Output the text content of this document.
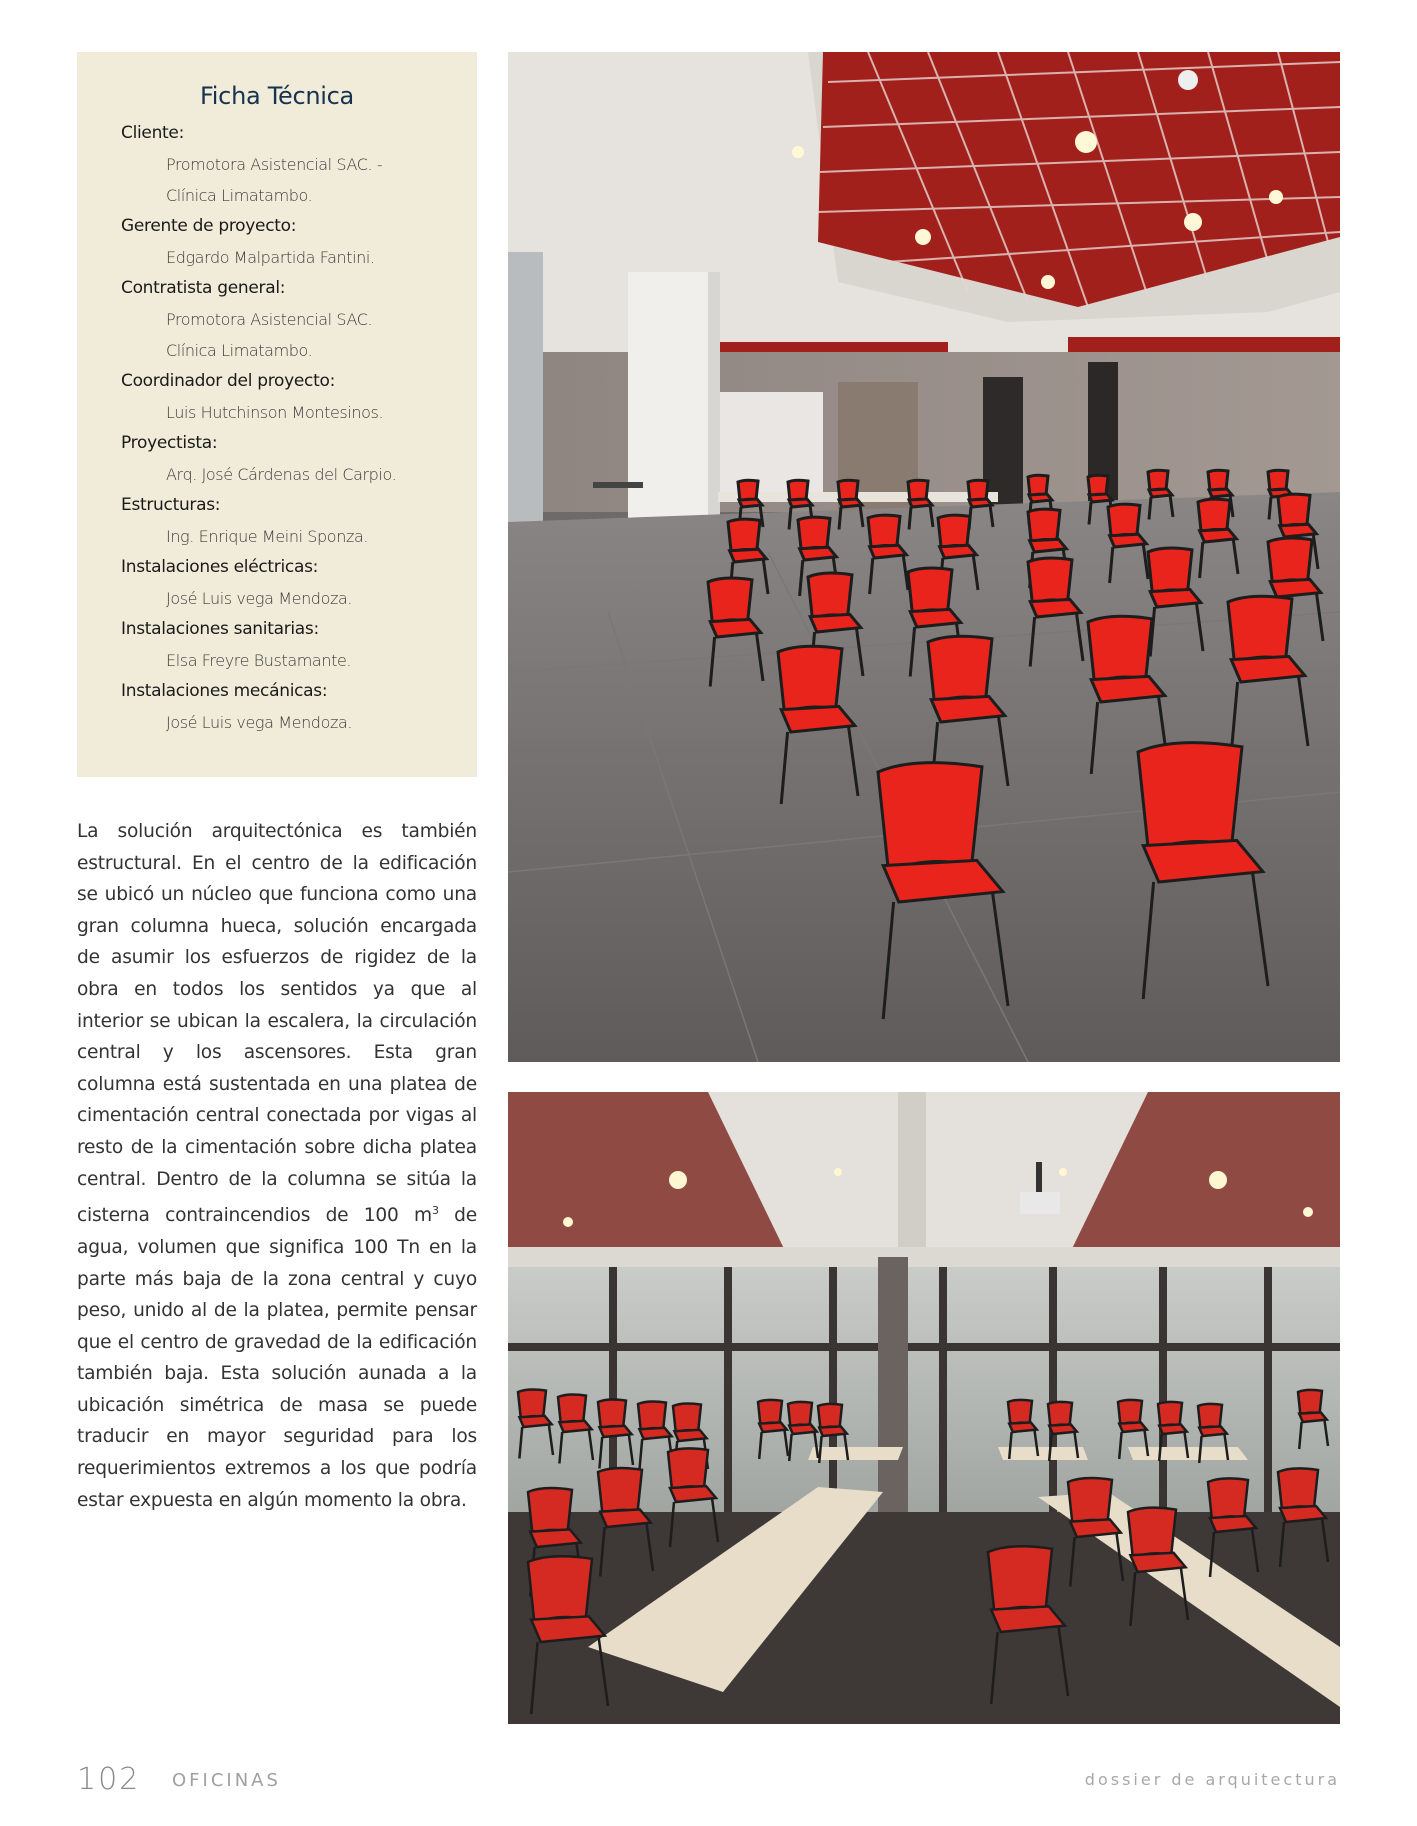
Ficha Técnica
Cliente:
Promotora Asistencial SAC. -
Clínica Limatambo.
Gerente de proyecto:
Edgardo Malpartida Fantini.
Contratista general:
Promotora Asistencial SAC.
Clínica Limatambo.
Coordinador del proyecto:
Luis Hutchinson Montesinos.
Proyectista:
Arq. José Cárdenas del Carpio.
Estructuras:
Ing. Enrique Meini Sponza.
Instalaciones eléctricas:
José Luis vega Mendoza.
Instalaciones sanitarias:
Elsa Freyre Bustamante.
Instalaciones mecánicas:
José Luis vega Mendoza.
La solución arquitectónica es también estructural. En el centro de la edificación se ubicó un núcleo que funciona como una gran columna hueca, solución encargada de asumir los esfuerzos de rigidez de la obra en todos los sentidos ya que al interior se ubican la escalera, la circulación central y los ascensores. Esta gran columna está sustentada en una platea de cimentación central conectada por vigas al resto de la cimentación sobre dicha platea central. Dentro de la columna se sitúa la cisterna contraincendios de 100 $m^3$ de agua, volumen que significa 100 Tn en la parte más baja de la zona central y cuyo peso, unido al de la platea, permite pensar que el centro de gravedad de la edificación también baja. Esta solución aunada a la ubicación simétrica de masa se puede traducir en mayor seguridad para los requerimientos extremos a los que podría estar expuesta en algún momento la obra.
102 OFICINAS	dossier de arquitectura
